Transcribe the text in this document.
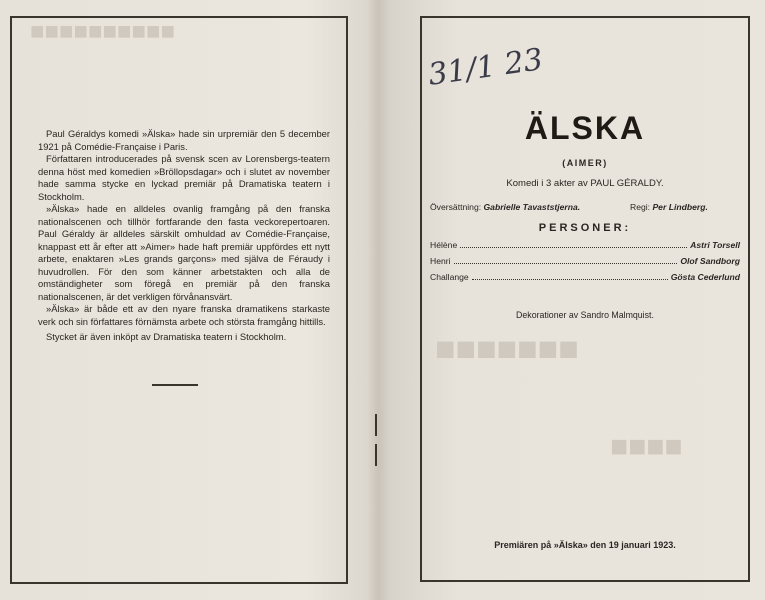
■■■■■■■■■■
■■■■■■■
■■■■

Paul Géraldys komedi »Älska» hade sin urpremiär den 5 december 1921 på Comédie-Française i Paris.

Författaren introducerades på svensk scen av Lorensbergs-teatern denna höst med komedien »Bröllopsdagar» och i slutet av november hade samma stycke en lyckad premiär på Dramatiska teatern i Stockholm.

»Älska» hade en alldeles ovanlig framgång på den franska nationalscenen och tillhör fortfarande den fasta veckorepertoaren. Paul Géraldy är alldeles särskilt omhuldad av Comédie-Française, knappast ett år efter att »Aimer» hade haft premiär uppfördes ett nytt arbete, enaktaren »Les grands garçons» med själva de Féraudy i huvudrollen. För den som känner arbetstakten och alla de omständigheter som föregå en premiär på den franska nationalscenen, är det verkligen förvånansvärt.

»Älska» är både ett av den nyare franska dramatikens starkaste verk och sin författares förnämsta arbete och största framgång hittills.

Stycket är även inköpt av Dramatiska teatern i Stockholm.

31/1 23
ÄLSKA
(AIMER)
Komedi i 3 akter av PAUL GÉRALDY.
Översättning: Gabrielle Tavaststjerna.	Regi: Per Lindberg.
PERSONER:
Hélène	Astri Torsell
Henri	Olof Sandborg
Challange	Gösta Cederlund
Dekorationer av Sandro Malmquist.
Premiären på »Älska» den 19 januari 1923.
